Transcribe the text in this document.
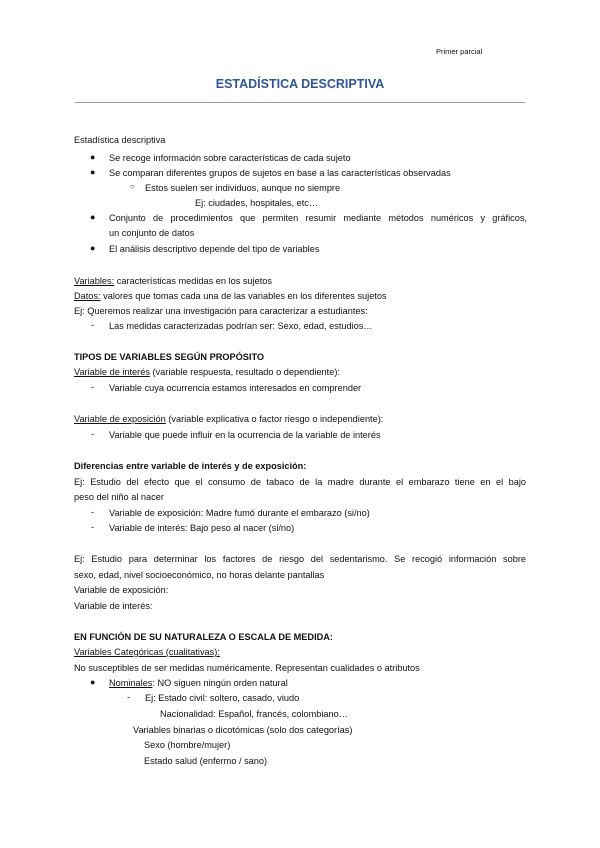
Primer parcial
ESTADÍSTICA DESCRIPTIVA
Estadística descriptiva
● Se recoge información sobre características de cada sujeto
● Se comparan diferentes grupos de sujetos en base a las características observadas
○ Estos suelen ser individuos, aunque no siempre
Ej: ciudades, hospitales, etc…
● Conjunto de procedimientos que permiten resumir mediante métodos numéricos y gráficos,
un conjunto de datos
● El análisis descriptivo depende del tipo de variables
Variables: características medidas en los sujetos
Datos: valores que tomas cada una de las variables en los diferentes sujetos
Ej: Queremos realizar una investigación para caracterizar a estudiantes:
- Las medidas caracterizadas podrían ser: Sexo, edad, estudios…
TIPOS DE VARIABLES SEGÚN PROPÓSITO
Variable de interés (variable respuesta, resultado o dependiente):
- Variable cuya ocurrencia estamos interesados en comprender
Variable de exposición (variable explicativa o factor riesgo o independiente):
- Variable que puede influir en la ocurrencia de la variable de interés
Diferencias entre variable de interés y de exposición:
Ej: Estudio del efecto que el consumo de tabaco de la madre durante el embarazo tiene en el bajo
peso del niño al nacer
- Variable de exposición: Madre fumó durante el embarazo (si/no)
- Variable de interés: Bajo peso al nacer (si/no)
Ej: Estudio para determinar los factores de riesgo del sedentarismo. Se recogió información sobre
sexo, edad, nivel socioeconómico, no horas delante pantallas
Variable de exposición:
Variable de interés:
EN FUNCIÓN DE SU NATURALEZA O ESCALA DE MEDIDA:
Variables Categóricas (cualitativas):
No susceptibles de ser medidas numéricamente. Representan cualidades o atributos
● Nominales: NO siguen ningún orden natural
- Ej: Estado civil: soltero, casado, viudo
Nacionalidad: Español, francés, colombiano…
Variables binarias o dicotómicas (solo dos categorías)
Sexo (hombre/mujer)
Estado salud (enfermo / sano)
